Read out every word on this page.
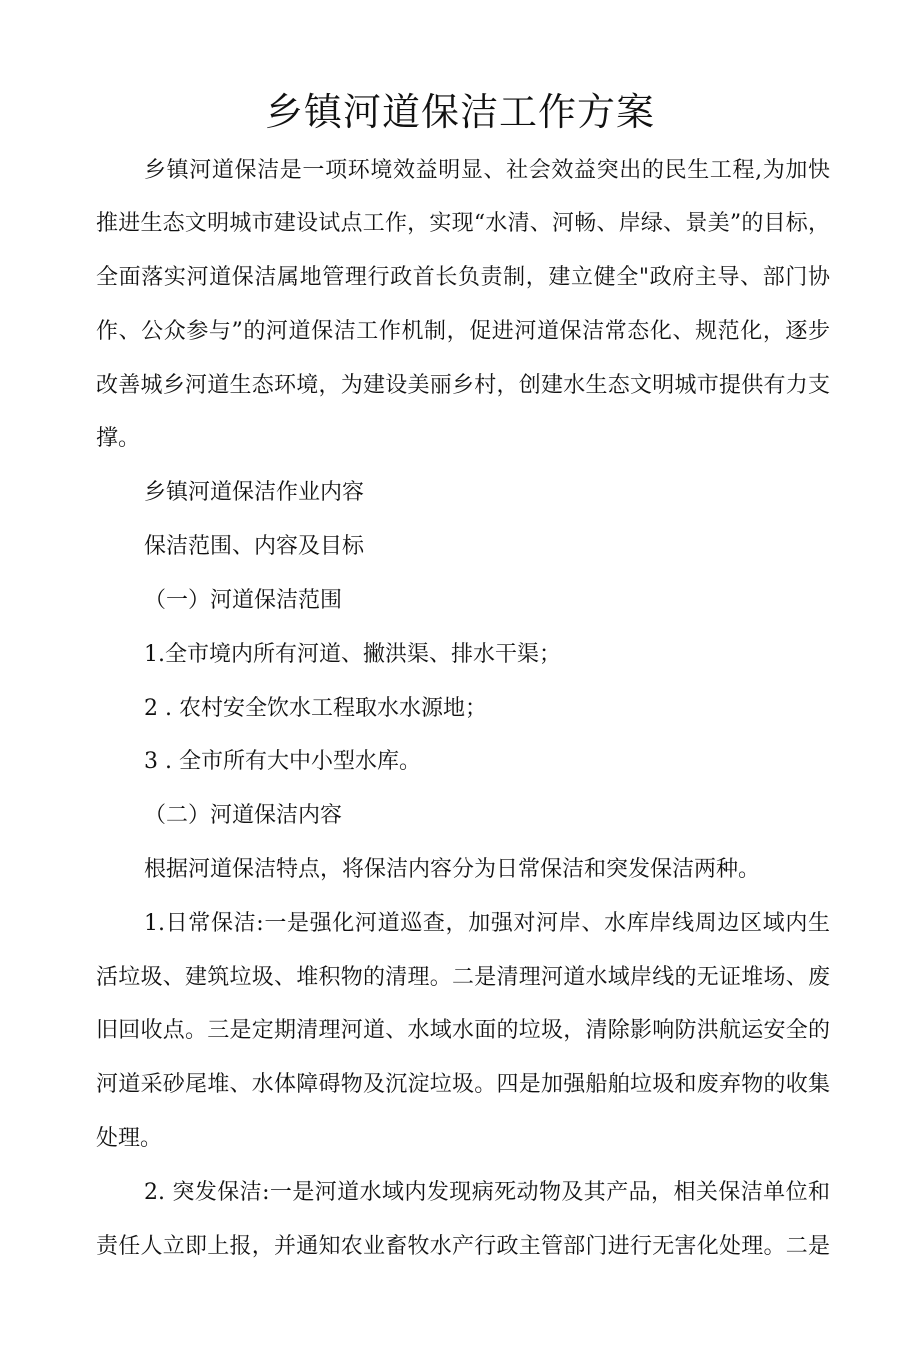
乡镇河道保洁工作方案
乡镇河道保洁是一项环境效益明显、社会效益突出的民生工程,为加快
推进生态文明城市建设试点工作，实现“水清、河畅、岸绿、景美”的目标，
全面落实河道保洁属地管理行政首长负责制，建立健全"政府主导、部门协
作、公众参与”的河道保洁工作机制，促进河道保洁常态化、规范化，逐步
改善城乡河道生态环境，为建设美丽乡村，创建水生态文明城市提供有力支
撑。
乡镇河道保洁作业内容
保洁范围、内容及目标
（一）河道保洁范围
1.全市境内所有河道、撇洪渠、排水干渠；
2 . 农村安全饮水工程取水水源地；
3 . 全市所有大中小型水库。
（二）河道保洁内容
根据河道保洁特点，将保洁内容分为日常保洁和突发保洁两种。
1.日常保洁:一是强化河道巡查，加强对河岸、水库岸线周边区域内生
活垃圾、建筑垃圾、堆积物的清理。二是清理河道水域岸线的无证堆场、废
旧回收点。三是定期清理河道、水域水面的垃圾，清除影响防洪航运安全的
河道采砂尾堆、水体障碍物及沉淀垃圾。四是加强船舶垃圾和废弃物的收集
处理。
2. 突发保洁:一是河道水域内发现病死动物及其产品，相关保洁单位和
责任人立即上报，并通知农业畜牧水产行政主管部门进行无害化处理。二是
